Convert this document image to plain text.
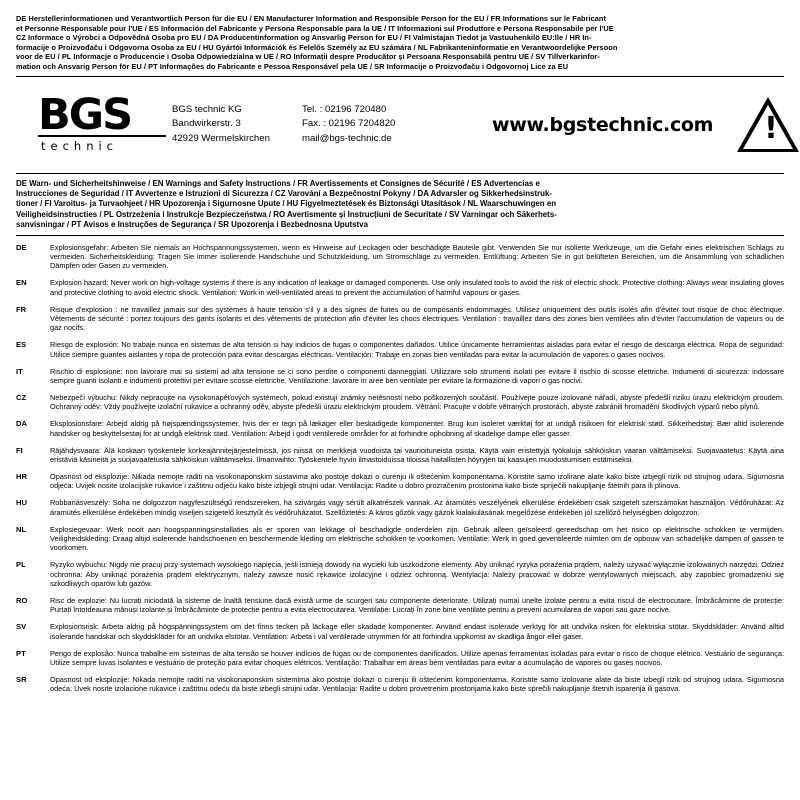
DE Herstellerinformationen und Verantwortlich Person für die EU / EN Manufacturer Information and Responsible Person for the EU / FR Informations sur le Fabricant
et Personne Responsable pour l'UE / ES Información del Fabricante y Persona Responsable para la UE / IT Informazioni sul Produttore e Persona Responsabile per l'UE
CZ Informace o Výrobci a Odpovědná Osoba pro EU / DA Producentinformation og Ansvarlig Person for EU / FI Valmistajan Tiedot ja Vastuuhenkilö EU:lle / HR In-
formacije o Proizvođaču i Odgovorna Osoba za EU / HU Gyártói Információk és Felelős Személy az EU számára / NL Fabrikanteninformatie en Verantwoordelijke Persoon
voor de EU / PL Informacje o Producencie i Osoba Odpowiedzialna w UE / RO Informații despre Producător și Persoana Responsabilă pentru UE / SV Tillverkarinfor-
mation och Ansvarig Person för EU / PT Informações do Fabricante e Pessoa Responsável pela UE / SR Informacije o Proizvođaču i Odgovornoj Lice za EU
BGS
technic
BGS technic KG
Bandwirkerstr. 3
42929 Wermelskirchen
Tel. : 02196 720480
Fax. : 02196 7204820
mail@bgs-technic.de
www.bgstechnic.com !
DE Warn- und Sicherheitshinweise / EN Warnings and Safety Instructions / FR Avertissements et Consignes de Sécurité / ES Advertencias e
Instrucciones de Seguridad / IT Avvertenze e Istruzioni di Sicurezza / CZ Varování a Bezpečnostní Pokyny / DA Advarsler og Sikkerhedsinstruk-
tioner / FI Varoitus- ja Turvaohjeet / HR Upozorenja i Sigurnosne Upute / HU Figyelmeztetések és Biztonsági Utasítások / NL Waarschuwingen en
Veiligheidsinstructies / PL Ostrzeżenia i Instrukcje Bezpieczeństwa / RO Avertismente și Instrucțiuni de Securitate / SV Varningar och Säkerhets-
sanvisningar / PT Avisos e Instruções de Segurança / SR Upozorenja i Bezbednosna Uputstva
DE	Explosionsgefahr: Arbeiten Sie niemals an Hochspannungssystemen, wenn es Hinweise auf Leckagen oder beschädigte Bauteile gibt. Verwenden Sie nur isolierte Werkzeuge, um die Gefahr eines elektrischen Schlags zu vermeiden. Sicherheitskleidung: Tragen Sie immer isolierende Handschuhe und Schutzkleidung, um Stromschläge zu vermeiden. Entlüftung: Arbeiten Sie in gut belüfteten Bereichen, um die Ansammlung von schädlichen Dämpfen oder Gasen zu vermeiden.
EN	Explosion hazard: Never work on high-voltage systems if there is any indication of leakage or damaged components. Use only insulated tools to avoid the risk of electric shock. Protective clothing: Always wear insulating gloves and protective clothing to avoid electric shock. Ventilation: Work in well-ventilated areas to prevent the accumulation of harmful vapours or gases.
FR	Risque d'explosion : ne travaillez jamais sur des systèmes à haute tension s'il y a des signes de fuites ou de composants endommagés. Utilisez uniquement des outils isolés afin d'éviter tout risque de choc électrique. Vêtements de sécurité : portez toujours des gants isolants et des vêtements de protection afin d'éviter les chocs électriques. Ventilation : travaillez dans des zones bien ventilées afin d'éviter l'accumulation de vapeurs ou de gaz nocifs.
ES	Riesgo de explosión: No trabaje nunca en sistemas de alta tensión si hay indicios de fugas o componentes dañados. Utilice únicamente herramientas aisladas para evitar el riesgo de descarga eléctrica. Ropa de seguridad: Utilice siempre guantes aislantes y ropa de protección para evitar descargas eléctricas. Ventilación: Trabaje en zonas bien ventiladas para evitar la acumulación de vapores o gases nocivos.
IT	Rischio di esplosione: non lavorare mai su sistemi ad alta tensione se ci sono perdite o componenti danneggiati. Utilizzare solo strumenti isolati per evitare il rischio di scosse elettriche. Indumenti di sicurezza: indossare sempre guanti isolanti e indumenti protettivi per evitare scosse elettriche. Ventilazione: lavorare in aree ben ventilate per evitare la formazione di vapori o gas nocivi.
CZ	Nebezpečí výbuchu: Nikdy nepracujte na vysokonapěťových systémech, pokud existují známky netěsností nebo poškozených součástí. Používejte pouze izolované nářadí, abyste předešli riziku úrazu elektrickým proudem. Ochranný oděv: Vždy používejte izolační rukavice a ochranný oděv, abyste předešli úrazu elektrickým proudem. Větrání: Pracujte v dobře větraných prostorách, abyste zabránili hromadění škodlivých výparů nebo plynů.
DA	Eksplosionsfare: Arbejd aldrig på højspændingssystemer, hvis der er tegn på lækager eller beskadigede komponenter. Brug kun isoleret værktøj for at undgå risikoen for elektrisk stød. Sikkerhedstøj: Bær altid isolerende handsker og beskyttelsestøj for at undgå elektrisk stød. Ventilation: Arbejd i godt ventilerede områder for at forhindre ophobning af skadelige dampe eller gasser.
FI	Räjähdysvaara: Älä koskaan työskentele korkeajännitejärjestelmissä, jos niissä on merkkejä vuodoista tai vaurioituneista osista. Käytä vain eristettyjä työkaluja sähköiskun vaaran välttämiseksi. Suojavaatetus: Käytä aina eristäviä käsineitä ja suojavaatetusta sähköiskun välttämiseksi. Ilmanvaihto: Työskentele hyvin ilmastoiduissa tiloissa haitallisten höyryjen tai kaasujen muodostumisen estämiseksi.
HR	Opasnost od eksplozije: Nikada nemojte raditi na visokonaponskim sustavima ako postoje dokazi o curenju ili oštećenim komponentama. Koristite samo izolirane alate kako biste izbjegli rizik od strujnog udara. Sigurnosna odjeća: Uvijek nosite izolacijske rukavice i zaštitnu odjeću kako biste izbjegli strujni udar. Ventilacija: Radite u dobro prozračenim prostorima kako biste spriječili nakupljanje štetnih para ili plinova.
HU	Robbanásveszély: Soha ne dolgozzon nagyfeszültségű rendszereken, ha szivárgás vagy sérült alkatrészek vannak. Az áramütés veszélyének elkerülése érdekében csak szigetelt szerszámokat használjon. Védőruházat: Az áramütés elkerülése érdekében mindig viseljen szigetelő kesztyűt és védőruházatot. Szellőztetés: A káros gőzök vagy gázok kialakulásának megelőzése érdekében jól szellőző helyiségben dolgozzon.
NL	Explosiegevaar: Werk nooit aan hoogspanningsinstallaties als er sporen van lekkage of beschadigde onderdelen zijn. Gebruik alleen geïsoleerd gereedschap om het risico op elektrische schokken te vermijden. Veiligheidskleding: Draag altijd isolerende handschoenen en beschermende kleding om elektrische schokken te voorkomen. Ventilatie: Werk in goed geventileerde ruimten om de opbouw van schadelijke dampen of gassen te voorkomen.
PL	Ryzyko wybuchu: Nigdy nie pracuj przy systemach wysokiego napięcia, jeśli istnieją dowody na wycieki lub uszkodzone elementy. Aby uniknąć ryzyka porażenia prądem, należy używać wyłącznie izolowanych narzędzi. Odzież ochronna: Aby uniknąć porażenia prądem elektrycznym, należy zawsze nosić rękawice izolacyjne i odzież ochronną. Wentylacja: Należy pracować w dobrze wentylowanych miejscach, aby zapobiec gromadzeniu się szkodliwych oparów lub gazów.
RO	Risc de explozie: Nu lucrați niciodată la sisteme de înaltă tensiune dacă există urme de scurgeri sau componente deteriorate. Utilizați numai unelte izolate pentru a evita riscul de electrocutare. Îmbrăcăminte de protecție: Purtați întotdeauna mănuși izolante și îmbrăcăminte de protecție pentru a evita electrocutarea. Ventilație: Lucrați în zone bine ventilate pentru a preveni acumularea de vapori sau gaze nocive.
SV	Explosionsrisk: Arbeta aldrig på högspänningssystem om det finns tecken på läckage eller skadade komponenter. Använd endast isolerade verktyg för att undvika risken för elektriska stötar. Skyddskläder: Använd alltid isolerande handskar och skyddskläder för att undvika elstötar. Ventilation: Arbeta i väl ventilerade utrymmen för att förhindra uppkomst av skadliga ångor eller gaser.
PT	Perigo de explosão: Nunca trabalhe em sistemas de alta tensão se houver indícios de fugas ou de componentes danificados. Utilize apenas ferramentas isoladas para evitar o risco de choque elétrico. Vestuário de segurança: Utilize sempre luvas isolantes e vestuário de proteção para evitar choques elétricos. Ventilação: Trabalhar em áreas bem ventiladas para evitar a acumulação de vapores ou gases nocivos.
SR	Opasnost od eksplozije: Nikada nemojte raditi na visokonaponskim sistemima ako postoje dokazi o curenju ili oštećenim komponentama. Koristite samo izolovane alate da biste izbegli rizik od strujnog udara. Sigurnosna odeća: Uvek nosite izolacione rukavice i zaštitnu odeću da biste izbegli strujni udar. Ventilacija: Radite u dobro provetrenim prostorijama kako biste sprečili nakupljanje štetnih isparenja ili gasova.
